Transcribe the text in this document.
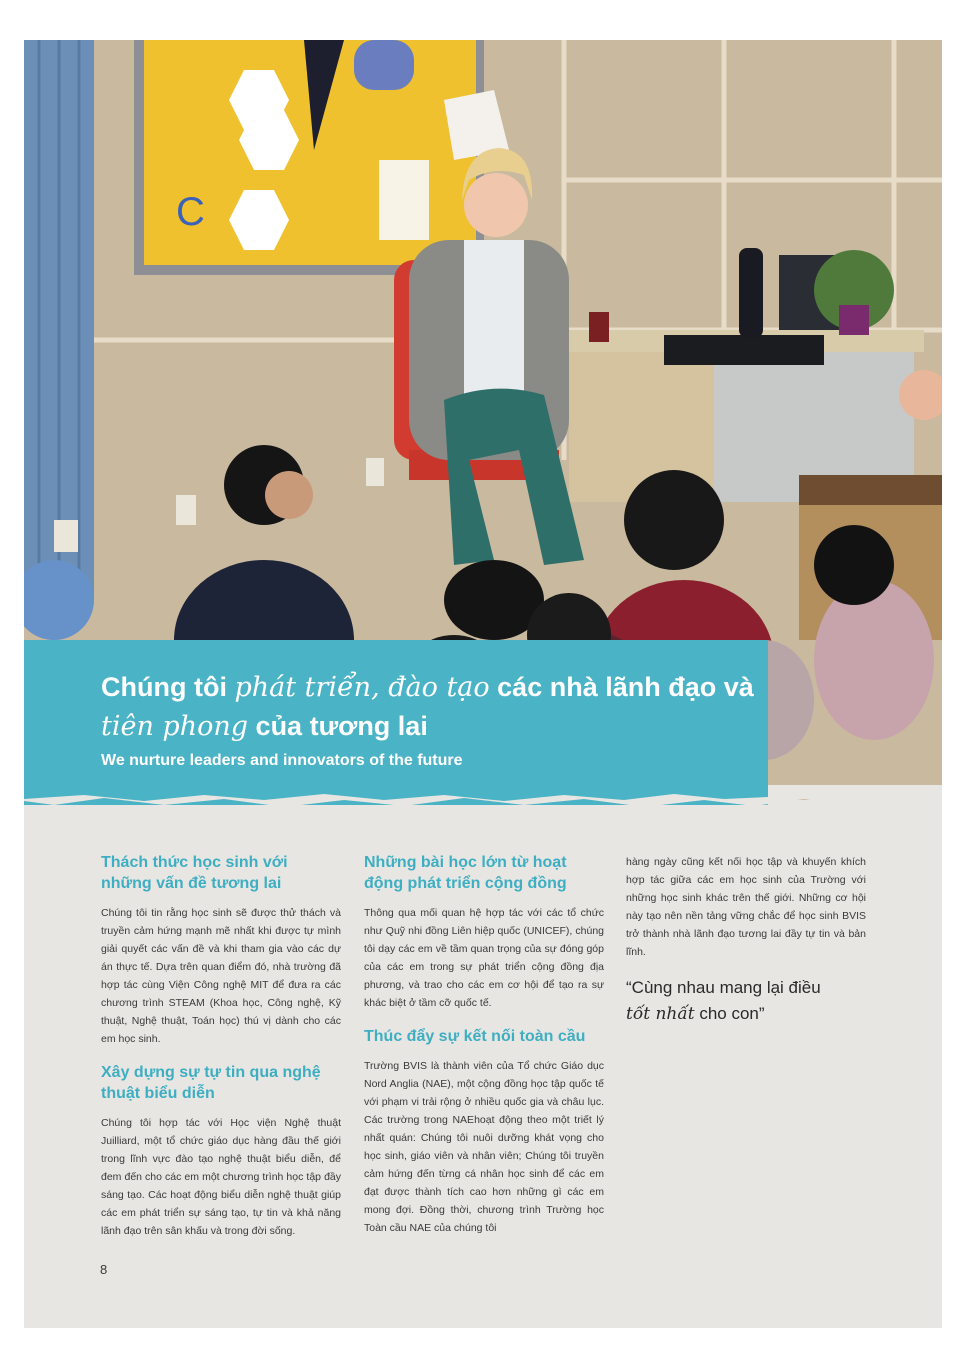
C
Chúng tôi phát triển, đào tạo các nhà lãnh đạo và tiên phong của tương lai
We nurture leaders and innovators of the future
Thách thức học sinh với những vấn đề tương lai

Chúng tôi tin rằng học sinh sẽ được thử thách và truyền cảm hứng mạnh mẽ nhất khi được tự mình giải quyết các vấn đề và khi tham gia vào các dự án thực tế. Dựa trên quan điểm đó, nhà trường đã hợp tác cùng Viện Công nghệ MIT để đưa ra các chương trình STEAM (Khoa học, Công nghệ, Kỹ thuật, Nghệ thuật, Toán học) thú vị dành cho các em học sinh.

Xây dựng sự tự tin qua nghệ thuật biểu diễn

Chúng tôi hợp tác với Học viện Nghệ thuật Juilliard, một tổ chức giáo dục hàng đầu thế giới trong lĩnh vực đào tạo nghệ thuật biểu diễn, để đem đến cho các em một chương trình học tập đầy sáng tạo. Các hoạt động biểu diễn nghệ thuật giúp các em phát triển sự sáng tạo, tự tin và khả năng lãnh đạo trên sân khấu và trong đời sống.

Những bài học lớn từ hoạt động phát triển cộng đồng

Thông qua mối quan hệ hợp tác với các tổ chức như Quỹ nhi đồng Liên hiệp quốc (UNICEF), chúng tôi dạy các em về tầm quan trọng của sự đóng góp của các em trong sự phát triển cộng đồng địa phương, và trao cho các em cơ hội để tạo ra sự khác biệt ở tầm cỡ quốc tế.

Thúc đẩy sự kết nối toàn cầu

Trường BVIS là thành viên của Tổ chức Giáo dục Nord Anglia (NAE), một cộng đồng học tập quốc tế với phạm vi trải rộng ở nhiều quốc gia và châu lục. Các trường trong NAEhoạt động theo một triết lý nhất quán: Chúng tôi nuôi dưỡng khát vọng cho học sinh, giáo viên và nhân viên; Chúng tôi truyền cảm hứng đến từng cá nhân học sinh để các em đạt được thành tích cao hơn những gì các em mong đợi. Đồng thời, chương trình Trường học Toàn cầu NAE của chúng tôi

hàng ngày cũng kết nối học tập và khuyến khích hợp tác giữa các em học sinh của Trường với những học sinh khác trên thế giới. Những cơ hội này tạo nên nền tảng vững chắc để học sinh BVIS trở thành nhà lãnh đạo tương lai đầy tự tin và bản lĩnh.

“Cùng nhau mang lại điều
tốt nhất cho con”
8
